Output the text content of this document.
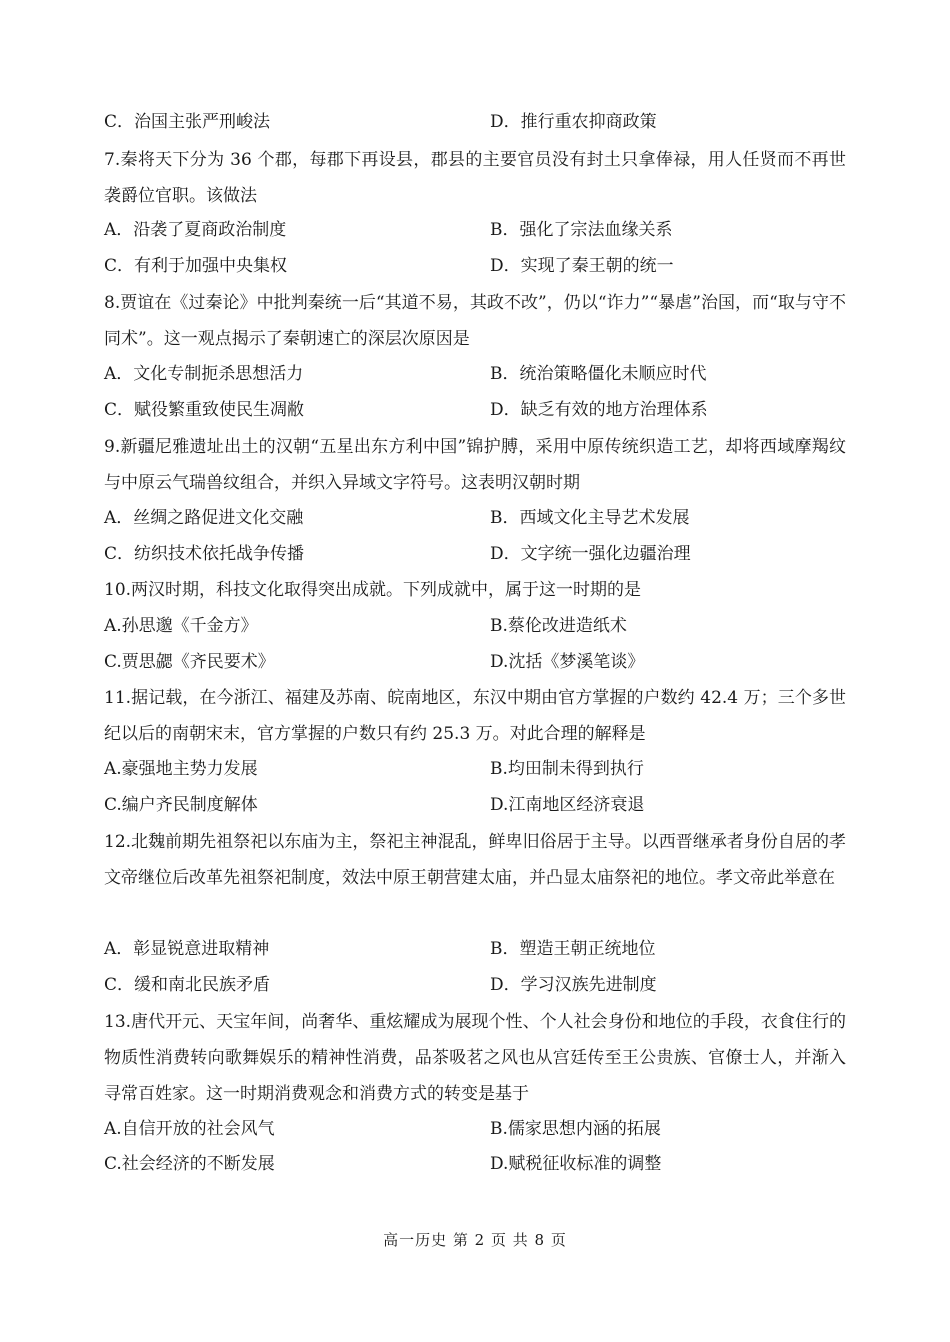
C．治国主张严刑峻法	D．推行重农抑商政策
7.秦将天下分为 36 个郡，每郡下再设县，郡县的主要官员没有封土只拿俸禄，用人任贤而不再世袭爵位官职。该做法
A．沿袭了夏商政治制度	B．强化了宗法血缘关系
C．有利于加强中央集权	D．实现了秦王朝的统一
8.贾谊在《过秦论》中批判秦统一后“其道不易，其政不改”，仍以“诈力”“暴虐”治国，而“取与守不同术”。这一观点揭示了秦朝速亡的深层次原因是
A．文化专制扼杀思想活力	B．统治策略僵化未顺应时代
C．赋役繁重致使民生凋敝	D．缺乏有效的地方治理体系
9.新疆尼雅遗址出土的汉朝“五星出东方利中国”锦护膊，采用中原传统织造工艺，却将西域摩羯纹与中原云气瑞兽纹组合，并织入异域文字符号。这表明汉朝时期
A．丝绸之路促进文化交融	B．西域文化主导艺术发展
C．纺织技术依托战争传播	D．文字统一强化边疆治理
10.两汉时期，科技文化取得突出成就。下列成就中，属于这一时期的是
A.孙思邈《千金方》	B.蔡伦改进造纸术
C.贾思勰《齐民要术》	D.沈括《梦溪笔谈》
11.据记载，在今浙江、福建及苏南、皖南地区，东汉中期由官方掌握的户数约 42.4 万；三个多世纪以后的南朝宋末，官方掌握的户数只有约 25.3 万。对此合理的解释是
A.豪强地主势力发展	B.均田制未得到执行
C.编户齐民制度解体	D.江南地区经济衰退
12.北魏前期先祖祭祀以东庙为主，祭祀主神混乱，鲜卑旧俗居于主导。以西晋继承者身份自居的孝文帝继位后改革先祖祭祀制度，效法中原王朝营建太庙，并凸显太庙祭祀的地位。孝文帝此举意在
A．彰显锐意进取精神	B．塑造王朝正统地位
C．缓和南北民族矛盾	D．学习汉族先进制度
13.唐代开元、天宝年间，尚奢华、重炫耀成为展现个性、个人社会身份和地位的手段，衣食住行的物质性消费转向歌舞娱乐的精神性消费，品茶吸茗之风也从宫廷传至王公贵族、官僚士人，并渐入寻常百姓家。这一时期消费观念和消费方式的转变是基于
A.自信开放的社会风气	B.儒家思想内涵的拓展
C.社会经济的不断发展	D.赋税征收标准的调整
高一历史 第 2 页 共 8 页
